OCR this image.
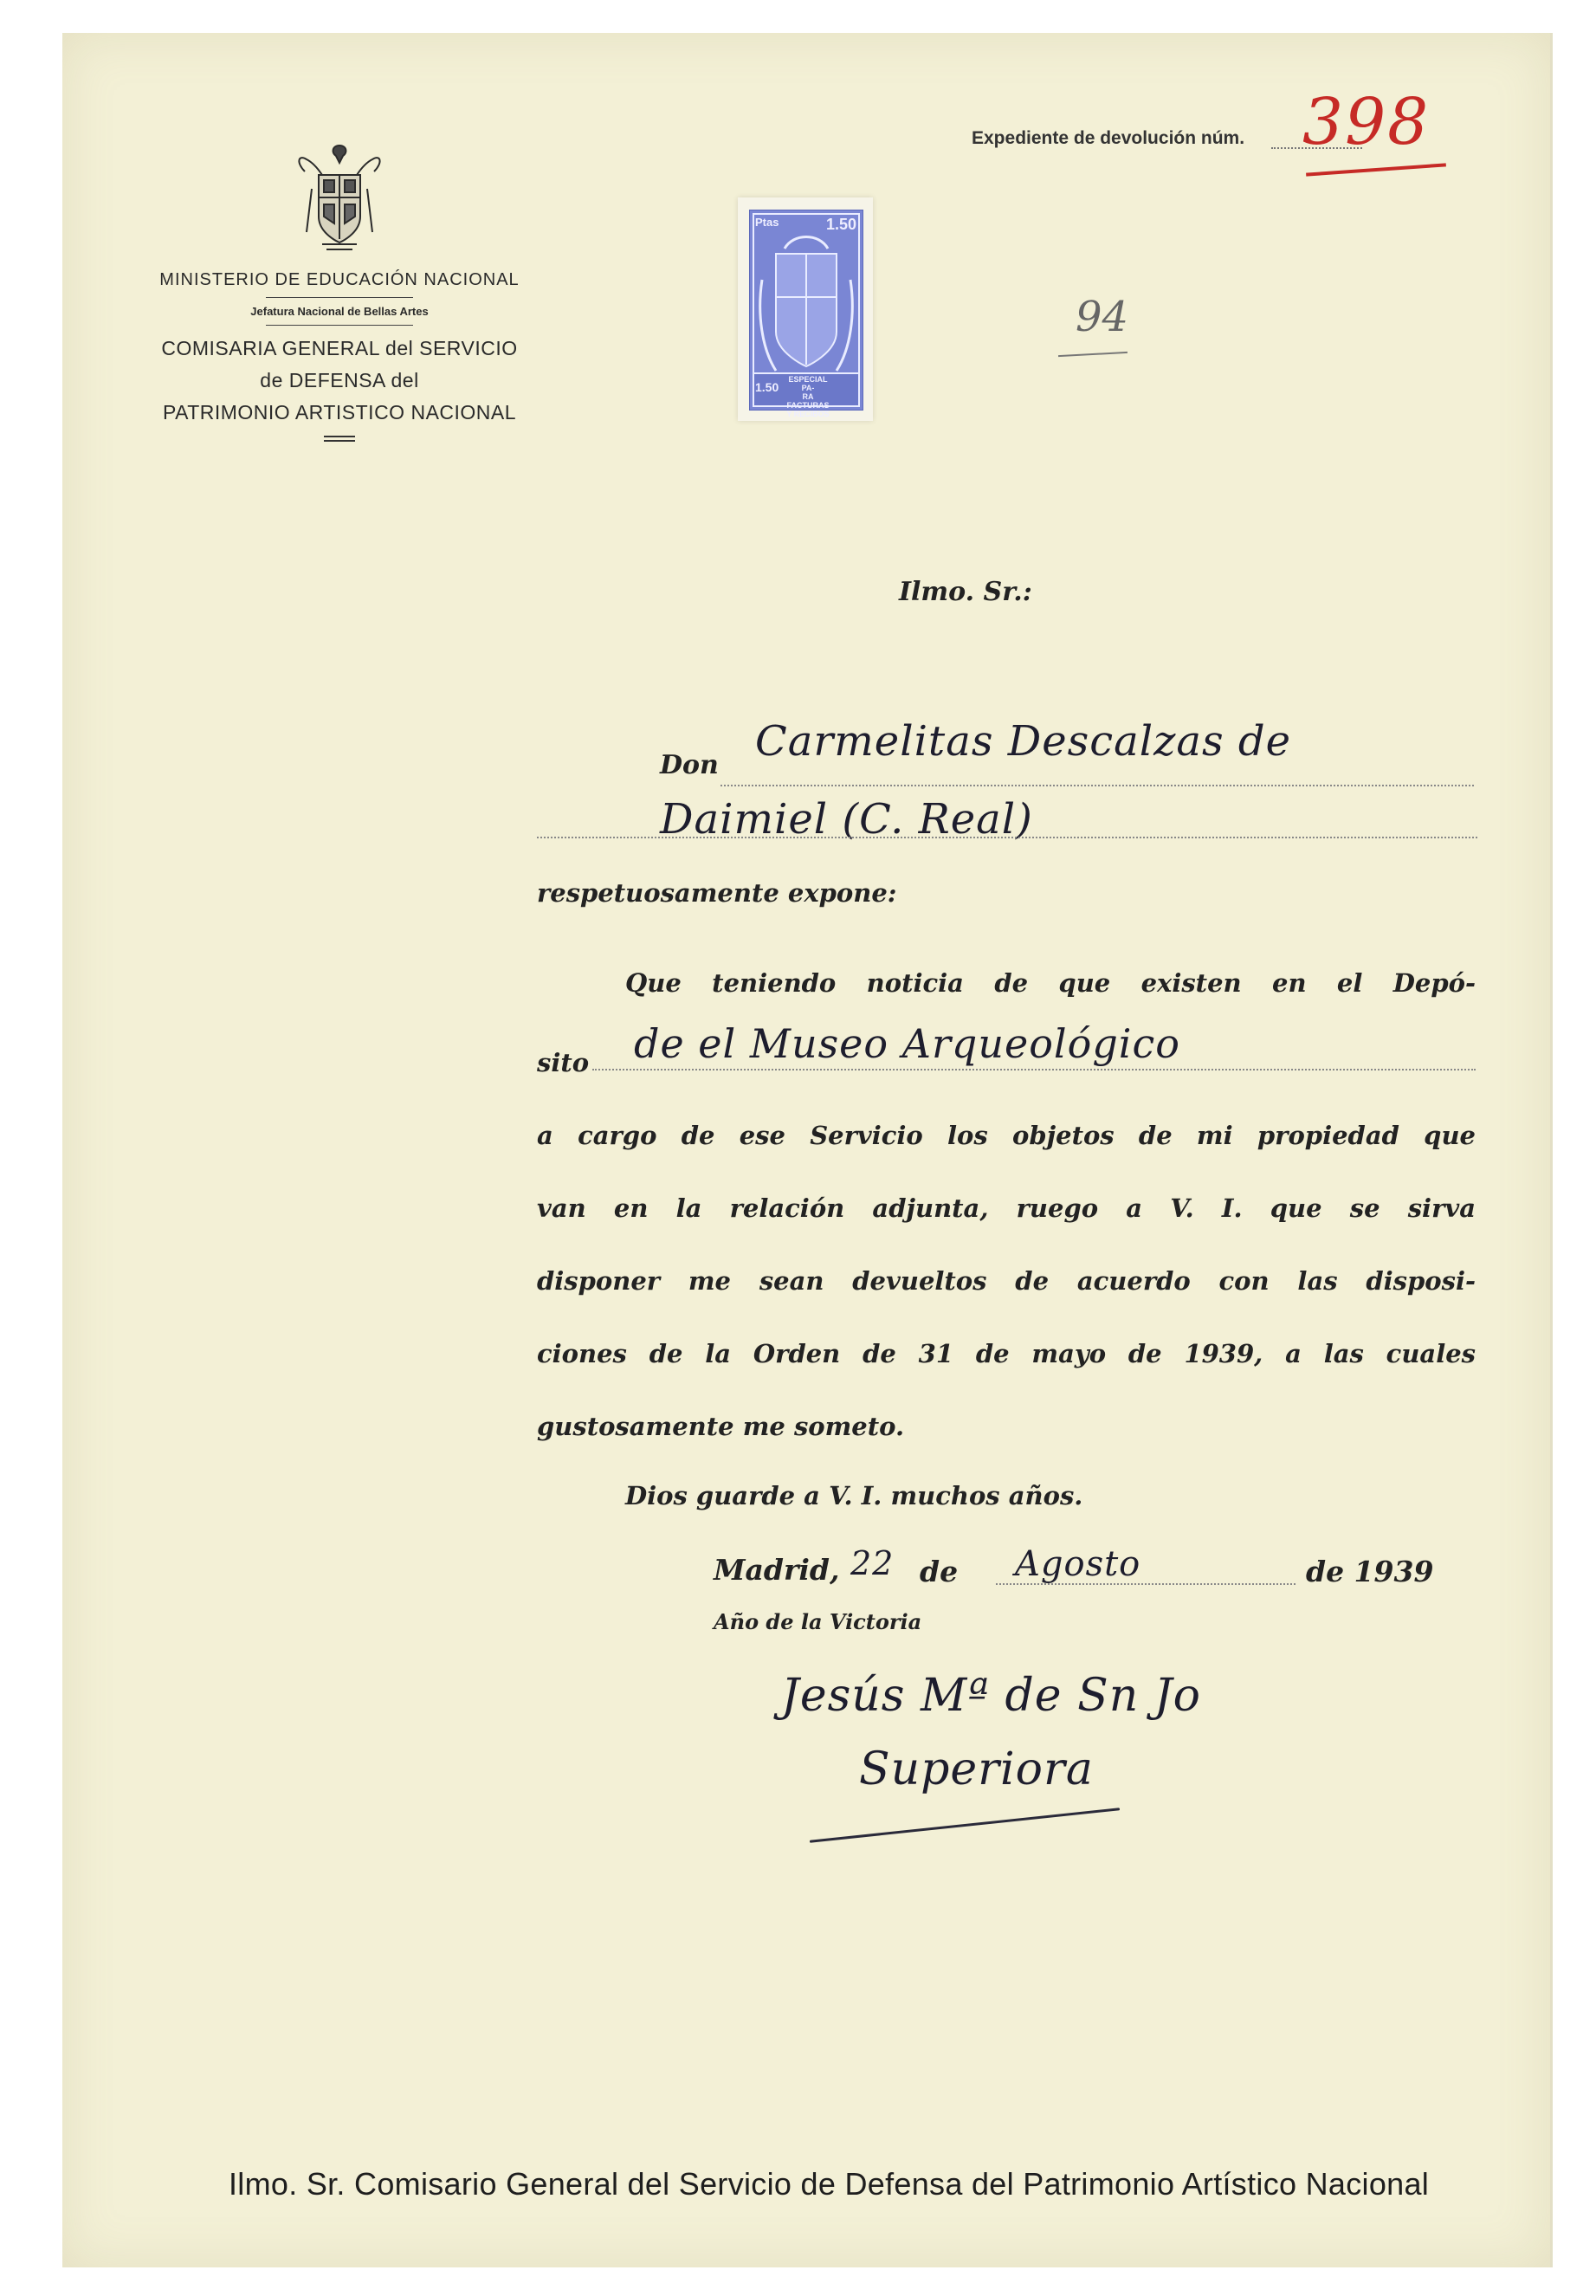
MINISTERIO DE EDUCACIÓN NACIONAL
Jefatura Nacional de Bellas Artes
COMISARIA GENERAL del SERVICIO
de DEFENSA del
PATRIMONIO ARTISTICO NACIONAL
Ptas	1.50
1.50
ESPECIAL PA-
RA FACTURAS
Y RECIBOS
Expediente de devolución núm. 398
94
Ilmo. Sr.:
Don Carmelitas Descalzas de
Daimiel (C. Real)
respetuosamente expone:
Que teniendo noticia de que existen en el Depó-
sito de el Museo Arqueológico
a cargo de ese Servicio los objetos de mi propiedad que
van en la relación adjunta, ruego a V. I. que se sirva
disponer me sean devueltos de acuerdo con las disposi-
ciones de la Orden de 31 de mayo de 1939, a las cuales
gustosamente me someto.
Dios guarde a V. I. muchos años.
Madrid, 22 de Agosto	de 1939
Año de la Victoria
Jesús Mª de Sn Jo
Superiora
Ilmo. Sr. Comisario General del Servicio de Defensa del Patrimonio Artístico Nacional
